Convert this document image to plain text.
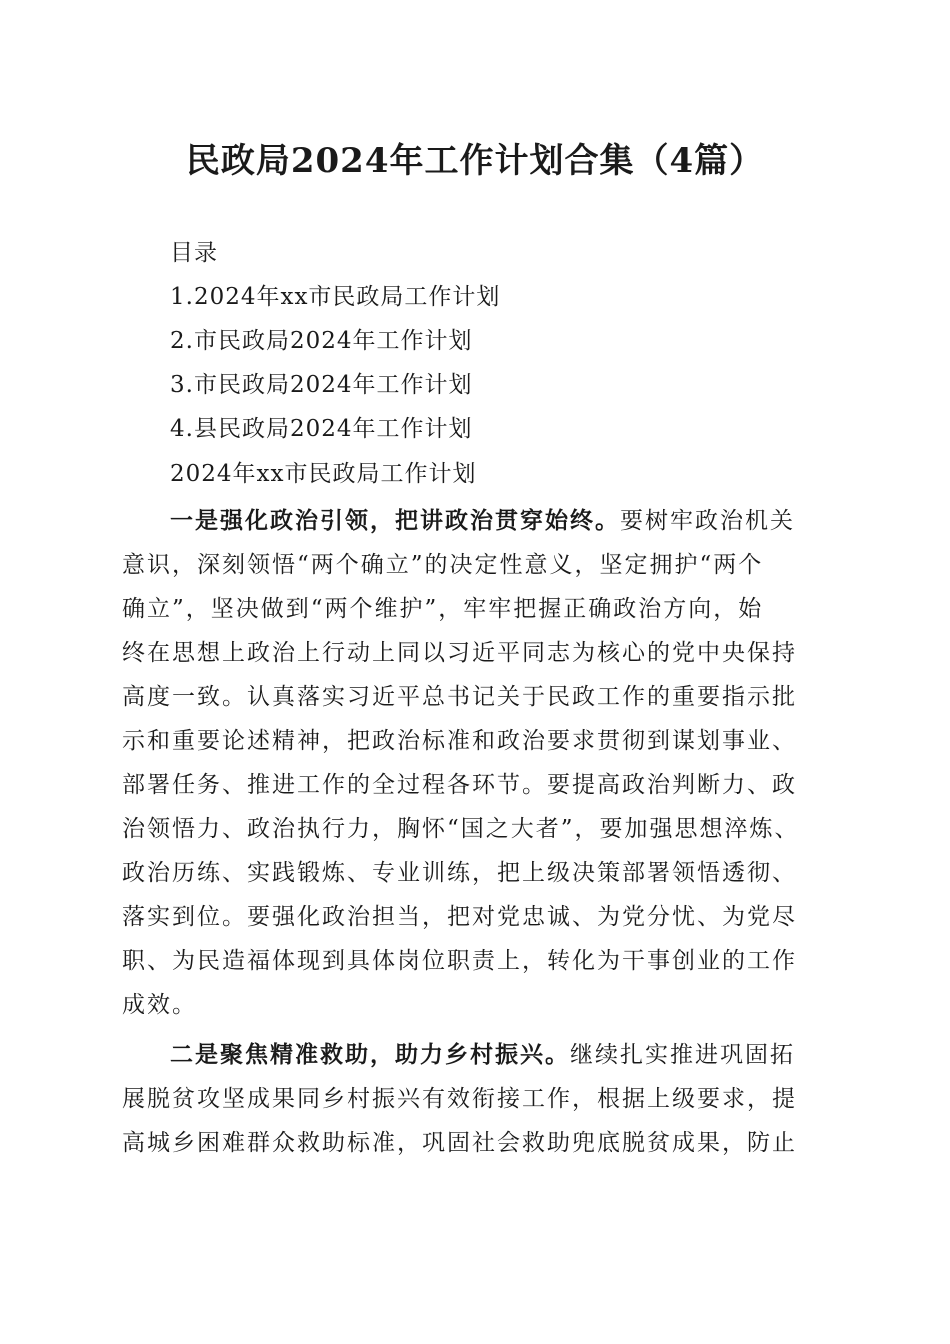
民政局2024年工作计划合集（4篇）
目录
1.2024年xx市民政局工作计划
2.市民政局2024年工作计划
3.市民政局2024年工作计划
4.县民政局2024年工作计划
2024年xx市民政局工作计划
一是强化政治引领，把讲政治贯穿始终。要树牢政治机关
意识，深刻领悟“两个确立”的决定性意义，坚定拥护“两个
确立”，坚决做到“两个维护”，牢牢把握正确政治方向，始
终在思想上政治上行动上同以习近平同志为核心的党中央保持
高度一致。认真落实习近平总书记关于民政工作的重要指示批
示和重要论述精神，把政治标准和政治要求贯彻到谋划事业、
部署任务、推进工作的全过程各环节。要提高政治判断力、政
治领悟力、政治执行力，胸怀“国之大者”，要加强思想淬炼、
政治历练、实践锻炼、专业训练，把上级决策部署领悟透彻、
落实到位。要强化政治担当，把对党忠诚、为党分忧、为党尽
职、为民造福体现到具体岗位职责上，转化为干事创业的工作
成效。
二是聚焦精准救助，助力乡村振兴。继续扎实推进巩固拓
展脱贫攻坚成果同乡村振兴有效衔接工作，根据上级要求，提
高城乡困难群众救助标准，巩固社会救助兜底脱贫成果，防止
